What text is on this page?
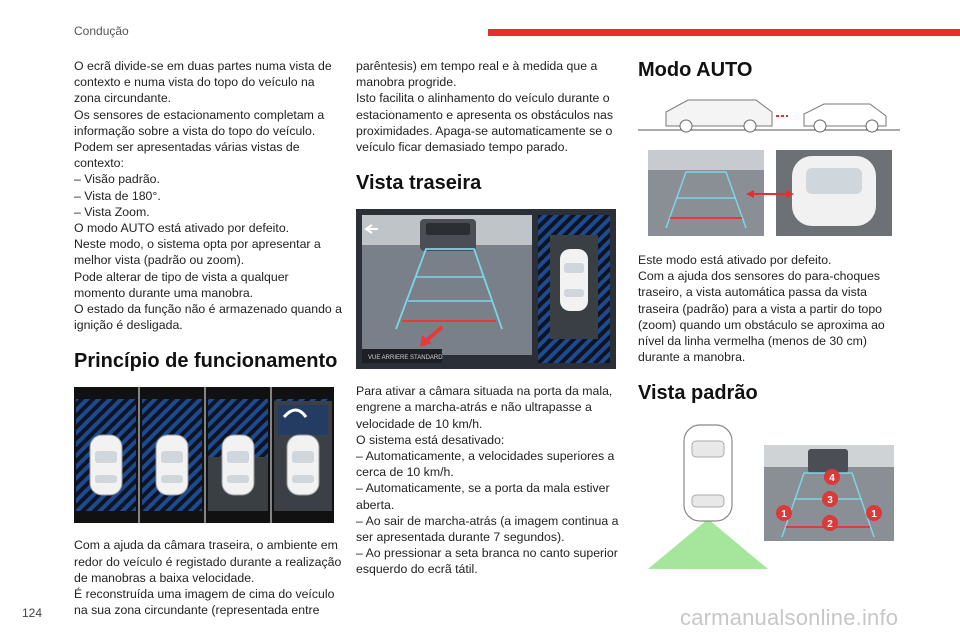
Condução

O ecrã divide-se em duas partes numa vista de contexto e numa vista do topo do veículo na zona circundante.

Os sensores de estacionamento completam a informação sobre a vista do topo do veículo.

Podem ser apresentadas várias vistas de contexto:

– Visão padrão.

– Vista de 180°.

– Vista Zoom.

O modo AUTO está ativado por defeito.

Neste modo, o sistema opta por apresentar a melhor vista (padrão ou zoom).

Pode alterar de tipo de vista a qualquer momento durante uma manobra.

O estado da função não é armazenado quando a ignição é desligada.

Princípio de funcionamento

Com a ajuda da câmara traseira, o ambiente em redor do veículo é registado durante a realização de manobras a baixa velocidade.

É reconstruída uma imagem de cima do veículo na sua zona circundante (representada entre

parêntesis) em tempo real e à medida que a manobra progride.

Isto facilita o alinhamento do veículo durante o estacionamento e apresenta os obstáculos nas proximidades. Apaga-se automaticamente se o veículo ficar demasiado tempo parado.

Vista traseira
VUE ARRIERE STANDARD

Para ativar a câmara situada na porta da mala, engrene a marcha-atrás e não ultrapasse a velocidade de 10 km/h.

O sistema está desativado:

– Automaticamente, a velocidades superiores a cerca de 10 km/h.

– Automaticamente, se a porta da mala estiver aberta.

– Ao sair de marcha-atrás (a imagem continua a ser apresentada durante 7 segundos).

– Ao pressionar a seta branca no canto superior esquerdo do ecrã tátil.

Modo AUTO

Este modo está ativado por defeito.

Com a ajuda dos sensores do para-choques traseiro, a vista automática passa da vista traseira (padrão) para a vista a partir do topo (zoom) quando um obstáculo se aproxima ao nível da linha vermelha (menos de 30 cm) durante a manobra.

Vista padrão
1	1
2
3
4
124	carmanualsonline.info
